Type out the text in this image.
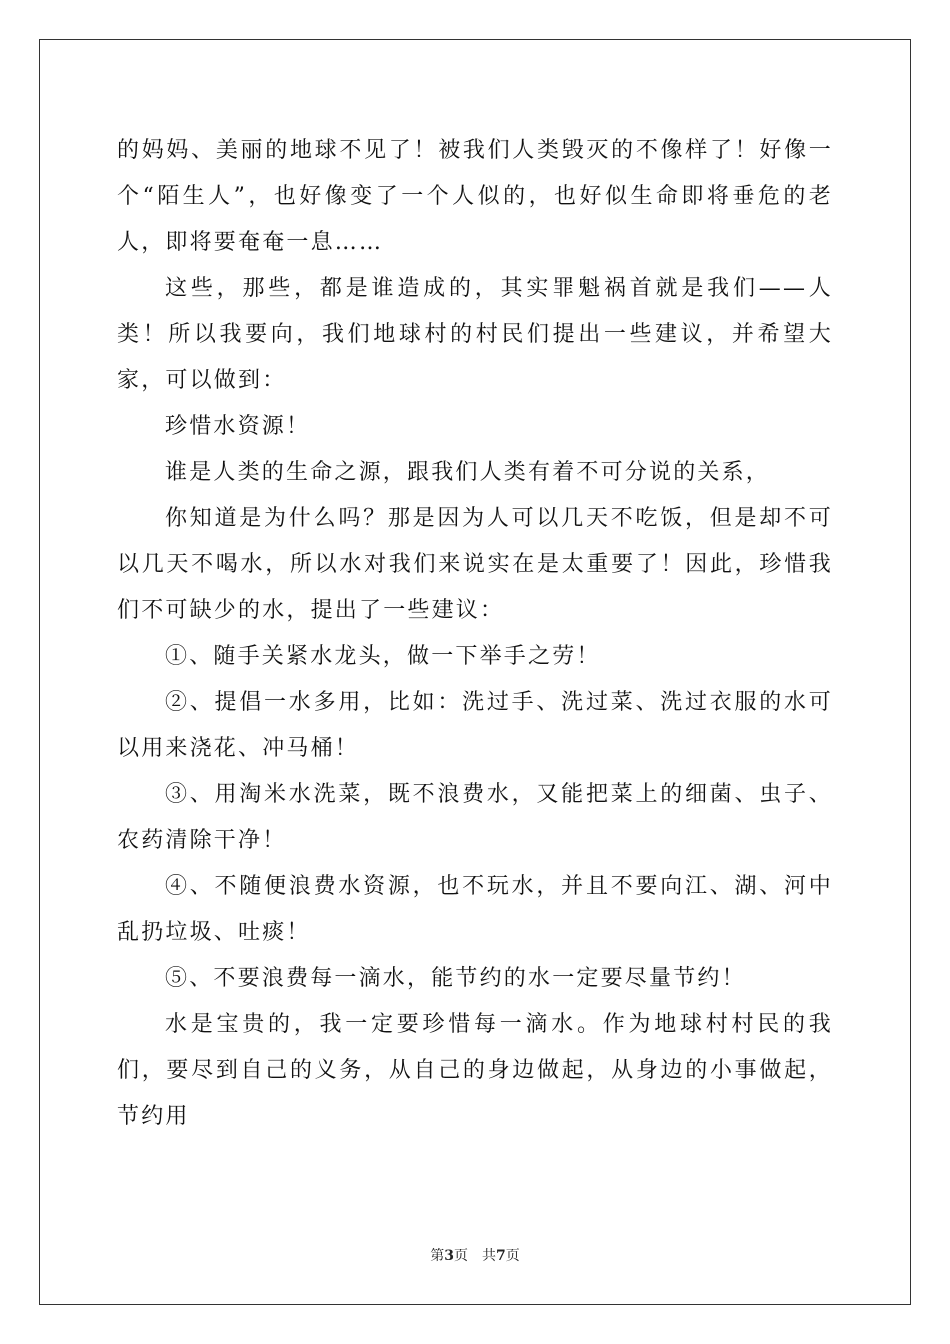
的妈妈、美丽的地球不见了！被我们人类毁灭的不像样了！好像一个“陌生人”，也好像变了一个人似的，也好似生命即将垂危的老人，即将要奄奄一息……

这些，那些，都是谁造成的，其实罪魁祸首就是我们——人类！所以我要向，我们地球村的村民们提出一些建议，并希望大家，可以做到：

珍惜水资源！

谁是人类的生命之源，跟我们人类有着不可分说的关系，

你知道是为什么吗？那是因为人可以几天不吃饭，但是却不可以几天不喝水，所以水对我们来说实在是太重要了！因此，珍惜我们不可缺少的水，提出了一些建议：

①、随手关紧水龙头，做一下举手之劳！

②、提倡一水多用，比如：洗过手、洗过菜、洗过衣服的水可以用来浇花、冲马桶！

③、用淘米水洗菜，既不浪费水，又能把菜上的细菌、虫子、农药清除干净！

④、不随便浪费水资源，也不玩水，并且不要向江、湖、河中乱扔垃圾、吐痰！

⑤、不要浪费每一滴水，能节约的水一定要尽量节约！

水是宝贵的，我一定要珍惜每一滴水。作为地球村村民的我们，要尽到自己的义务，从自己的身边做起，从身边的小事做起，节约用

第3页 共7页
